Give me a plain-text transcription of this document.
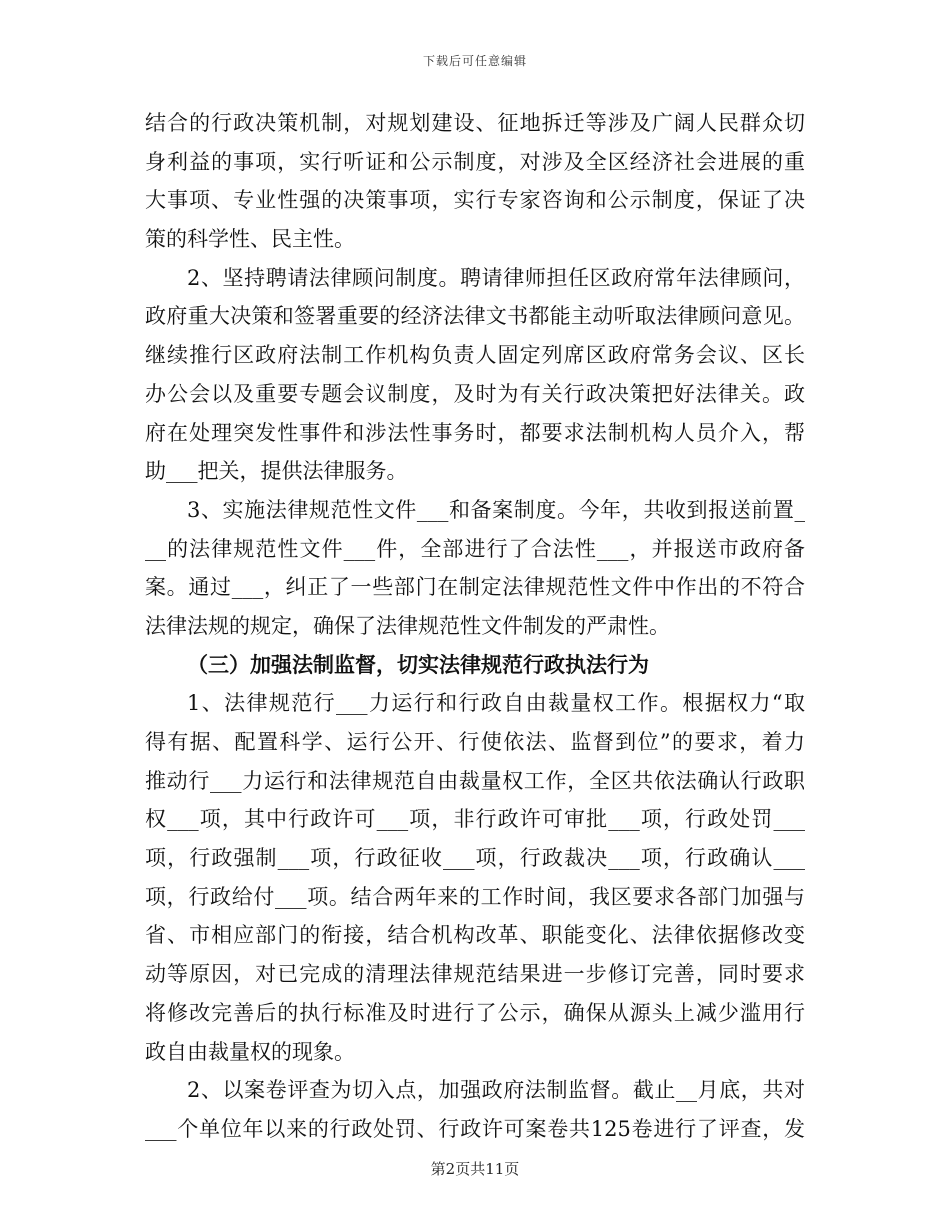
下载后可任意编辑
结合的行政决策机制，对规划建设、征地拆迁等涉及广阔人民群众切
身利益的事项，实行听证和公示制度，对涉及全区经济社会进展的重
大事项、专业性强的决策事项，实行专家咨询和公示制度，保证了决
策的科学性、民主性。
2、坚持聘请法律顾问制度。聘请律师担任区政府常年法律顾问，
政府重大决策和签署重要的经济法律文书都能主动听取法律顾问意见。
继续推行区政府法制工作机构负责人固定列席区政府常务会议、区长
办公会以及重要专题会议制度，及时为有关行政决策把好法律关。政
府在处理突发性事件和涉法性事务时，都要求法制机构人员介入，帮
助___把关，提供法律服务。
3、实施法律规范性文件___和备案制度。今年，共收到报送前置_
__的法律规范性文件___件，全部进行了合法性___，并报送市政府备
案。通过___，纠正了一些部门在制定法律规范性文件中作出的不符合
法律法规的规定，确保了法律规范性文件制发的严肃性。
（三）加强法制监督，切实法律规范行政执法行为
1、法律规范行___力运行和行政自由裁量权工作。根据权力“取
得有据、配置科学、运行公开、行使依法、监督到位”的要求，着力
推动行___力运行和法律规范自由裁量权工作，全区共依法确认行政职
权___项，其中行政许可___项，非行政许可审批___项，行政处罚___
项，行政强制___项，行政征收___项，行政裁决___项，行政确认___
项，行政给付___项。结合两年来的工作时间，我区要求各部门加强与
省、市相应部门的衔接，结合机构改革、职能变化、法律依据修改变
动等原因，对已完成的清理法律规范结果进一步修订完善，同时要求
将修改完善后的执行标准及时进行了公示，确保从源头上减少滥用行
政自由裁量权的现象。
2、以案卷评查为切入点，加强政府法制监督。截止__月底，共对
___个单位年以来的行政处罚、行政许可案卷共125卷进行了评查，发
第2页共11页
